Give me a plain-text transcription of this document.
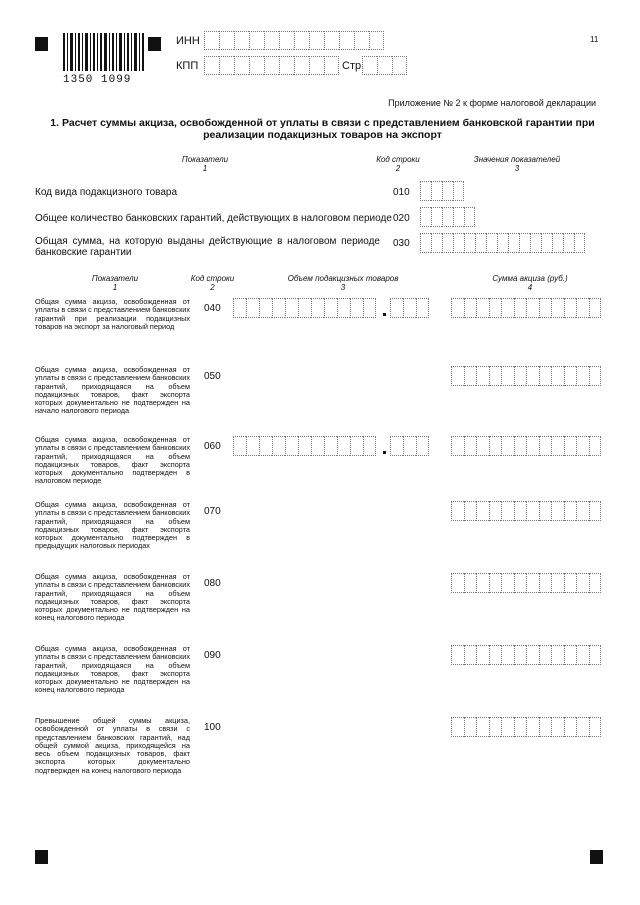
1350 1099
ИНН
КПП	Стр.
11
Приложение № 2 к форме налоговой декларации
1. Расчет суммы акциза, освобожденной от уплаты в связи с представлением банковской гарантии при
реализации подакцизных товаров на экспорт
Показатели
1
Код строки
2
Значения показателей
3
Код вида подакцизного товара	010
Общее количество банковских гарантий, действующих в налоговом периоде 020
Общая сумма, на которую выданы действующие в налоговом периоде банковские гарантии
030
Показатели
1
Код строки
2
Объем подакцизных товаров
3
Сумма акциза (руб.)
4
Общая сумма акциза, освобожденная от уплаты в связи с представлением банковских гарантий при реализации подакцизных товаров на экспорт за налоговый период
040
Общая сумма акциза, освобожденная от уплаты в связи с представлением банковских гарантий, приходящаяся на объем подакцизных товаров, факт экспорта которых документально не подтвержден на начало налогового периода
050
Общая сумма акциза, освобожденная от уплаты в связи с представлением банковских гарантий, приходящаяся на объем подакцизных товаров, факт экспорта которых документально подтвержден в налоговом периоде
060
Общая сумма акциза, освобожденная от уплаты в связи с представлением банковских гарантий, приходящаяся на объем подакцизных товаров, факт экспорта которых документально подтвержден в предыдущих налоговых периодах
070
Общая сумма акциза, освобожденная от уплаты в связи с представлением банковских гарантий, приходящаяся на объем подакцизных товаров, факт экспорта которых документально не подтвержден на конец налогового периода
080
Общая сумма акциза, освобожденная от уплаты в связи с представлением банковских гарантий, приходящаяся на объем подакцизных товаров, факт экспорта которых документально не подтвержден на конец налогового периода
090
Превышение общей суммы акциза, освобожденной от уплаты в связи с представлением банковских гарантий, над общей суммой акциза, приходящейся на весь объем подакцизных товаров, факт экспорта которых документально подтвержден на конец налогового периода
100
